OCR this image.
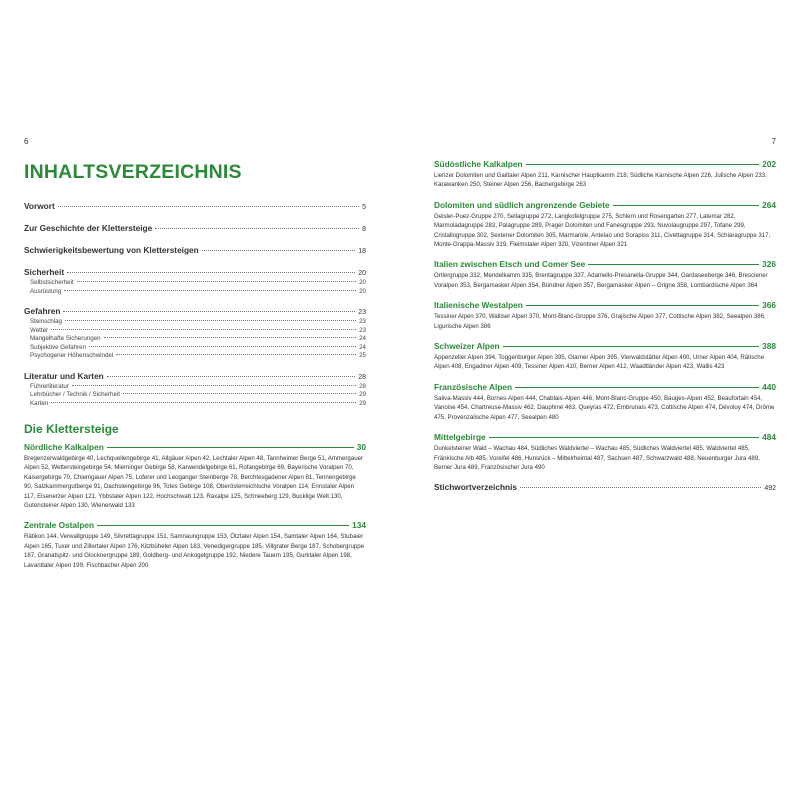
6
INHALTSVERZEICHNIS
Vorwort	5
Zur Geschichte der Klettersteige	8
Schwierigkeitsbewertung von Klettersteigen	18
Sicherheit	20
Selbstsicherheit	20
Ausrüstung	20
Gefahren	23
Steinschlag	23
Wetter	23
Mangelhafte Sicherungen	24
Subjektive Gefahren	24
Psychogener Höhenschwindel	25
Literatur und Karten	28
Führerliteratur	28
Lehrbücher / Technik / Sicherheit	29
Karten	29
Die Klettersteige
Nördliche Kalkalpen	30
Bregenzerwaldgebirge 40, Lechquellengebirge 41, Allgäuer Alpen 42, Lechtaler Alpen 48, Tannheimer Berge 51, Ammergauer Alpen 52, Wettersteingebirge 54, Mieminger Gebirge 58, Karwendelgebirge 61, Rofangebirge 69, Bayerische Voralpen 70, Kaisergebirge 70, Chiemgauer Alpen 75, Loferer und Leoganger Steinberge 78, Berchtesgadener Alpen 81, Tennengebirge 90, Salzkammergutberge 91, Dachsteingebirge 96, Totes Gebirge 108, Oberösterreichische Voralpen 114, Ennstaler Alpen 117, Eisenerzer Alpen 121, Ybbstaler Alpen 122, Hochschwab 123, Raxalpe 125, Schneeberg 129, Bucklige Welt 130, Gutensteiner Alpen 130, Wienerwald 133
Zentrale Ostalpen	134
Rätikon 144, Verwallgruppe 149, Silvrettagruppe 151, Samnaungruppe 153, Ötztaler Alpen 154, Samtaler Alpen 164, Stubaier Alpen 165, Tuxer und Zillertaler Alpen 176, Kitzbüheler Alpen 183, Venedigergruppe 185, Villgrater Berge 187, Schobergruppe 187, Granatspitz- und Glocknergruppe 189, Goldberg- und Ankogelgruppe 192, Niedere Tauern 195, Gurktaler Alpen 198, Lavanttaler Alpen 199, Fischbacher Alpen 200
7
Südöstliche Kalkalpen	202
Lienzer Dolomiten und Gailtaler Alpen 211, Karnischer Hauptkamm 218, Südliche Karnische Alpen 226, Julische Alpen 233, Karawanken 250, Steiner Alpen 256, Bachergebirge 263
Dolomiten und südlich angrenzende Gebiete	264
Geisler-Puez-Gruppe 270, Sellagruppe 272, Langkofelgruppe 275, Schlern und Rosengarten 277, Latemar 282, Marmoladagruppe 283, Palagruppe 289, Prager Dolomiten und Fanesgruppe 293, Nuvolaugruppe 297, Tofane 299, Cristallogruppe 302, Sextener Dolomiten 305, Marmarole, Antelao und Sorapiss 311, Civettagruppe 314, Schiaragruppe 317, Monte-Grappa-Massiv 319, Fleimstaler Alpen 320, Vizentiner Alpen 321
Italien zwischen Etsch und Comer See	326
Ortlergruppe 332, Mendelkamm 335, Brentagruppe 337, Adamello-Presanella-Gruppe 344, Gardaseeberge 346, Bresciener Voralpen 353, Bergamasker Alpen 354, Bündner Alpen 357, Bergamasker Alpen – Grigne 358, Lombardische Alpen 364
Italienische Westalpen	366
Tessiner Alpen 370, Walliser Alpen 370, Mont-Blanc-Gruppe 376, Grajische Alpen 377, Cottische Alpen 382, Seealpen 386, Ligurische Alpen 386
Schweizer Alpen	388
Appenzeller Alpen 394, Toggenburger Alpen 395, Glarner Alpen 395, Vierwaldstätter Alpen 400, Urner Alpen 404, Rätische Alpen 408, Engadiner Alpen 409, Tessiner Alpen 410, Berner Alpen 412, Waadtländer Alpen 423, Wallis 423
Französische Alpen	440
Saliva-Massiv 444, Bornes-Alpen 444, Chablais-Alpen 446, Mont-Blanc-Gruppe 450, Bauges-Alpen 452, Beaufortain 454, Vanoise 454, Chartreuse-Massiv 462, Dauphiné 463, Queyras 472, Embrunais 473, Cottische Alpen 474, Dévoluy 474, Drôme 475, Provenzalische Alpen 477, Seealpen 480
Mittelgebirge	484
Dunkelsteiner Wald – Wachau 484, Südliches Waldviertel – Wachau 485, Südliches Waldviertel 485, Waldviertel 485, Fränkische Alb 485, Voreifel 486, Hunsrück – Mittelrheintal 487, Sachsen 487, Schwarzwald 488, Neuenburger Jura 489, Berner Jura 489, Französischer Jura 490
Stichwortverzeichnis	492
